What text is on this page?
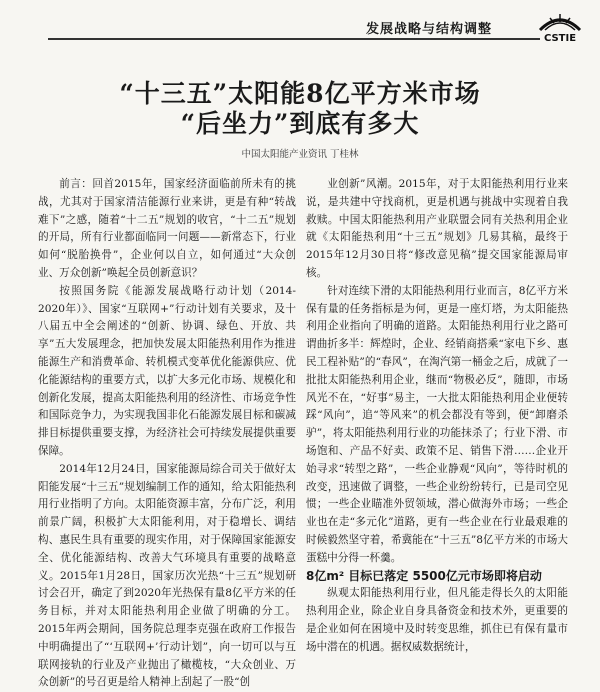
发展战略与结构调整
CSTIE
“十三五”太阳能8亿平方米市场
“后坐力”到底有多大
中国太阳能产业资讯 丁桂林

前言：回首2015年，国家经济面临前所未有的挑战，尤其对于国家清洁能源行业来讲，更是有种“转战难下”之感，随着“十二五”规划的收官，“十二五”规划的开局，所有行业都面临同一问题——新常态下，行业如何“脱胎换骨”，企业何以自立，如何通过“大众创业、万众创新”唤起全员创新意识？

按照国务院《能源发展战略行动计划（2014-2020年）》、国家“互联网+”行动计划有关要求，及十八届五中全会阐述的“创新、协调、绿色、开放、共享”五大发展理念，把加快发展太阳能热利用作为推进能源生产和消费革命、转机模式变革优化能源供应、优化能源结构的重要方式，以扩大多元化市场、规模化和创新化发展，提高太阳能热利用的经济性、市场竞争性和国际竞争力，为实现我国非化石能源发展目标和碳减排目标提供重要支撑，为经济社会可持续发展提供重要保障。

2014年12月24日，国家能源局综合司关于做好太阳能发展“十三五”规划编制工作的通知，给太阳能热利用行业指明了方向。太阳能资源丰富，分布广泛，利用前景广阔，积极扩大太阳能利用，对于稳增长、调结构、惠民生具有重要的现实作用，对于保障国家能源安全、优化能源结构、改善大气环境具有重要的战略意义。2015年1月28日，国家历次光热“十三五”规划研讨会召开，确定了到2020年光热保有量8亿平方米的任务目标，并对太阳能热利用企业做了明确的分工。2015年两会期间，国务院总理李克强在政府工作报告中明确提出了“‘互联网+’行动计划”，向一切可以与互联网接轨的行业及产业抛出了橄榄枝，“大众创业、万众创新”的号召更是给人精神上刮起了一股“创

业创新”风潮。2015年，对于太阳能热利用行业来说，是共建中守找商机，更是机遇与挑战中实现着自我救赎。中国太阳能热利用产业联盟会同有关热利用企业就《太阳能热利用“十三五”规划》几易其稿，最终于2015年12月30日将“修改意见稿”提交国家能源局审核。

针对连续下滑的太阳能热利用行业而言，8亿平方米保有量的任务指标是为何，更是一座灯塔，为太阳能热利用企业指向了明确的道路。太阳能热利用行业之路可谓曲折多半：辉煌时，企业、经销商搭乘“家电下乡、惠民工程补贴”的“春风”，在淘汽第一桶金之后，成就了一批批太阳能热利用企业，继而“物极必反”，随即，市场风光不在，“好事”易主，一大批太阳能热利用企业便转踩“风向”，追“等风来”的机会都没有等到，便“卸磨杀驴”，将太阳能热利用行业的功能抹杀了；行业下滑、市场饱和、产品不好卖、政策不足、销售下滑……企业开始寻求“转型之路”，一些企业静观“风向”，等待时机的改变，迅速做了调整，一些企业纷纷转行，已是司空见惯；一些企业瞄准外贸领域，潜心做海外市场；一些企业也在走“多元化”道路，更有一些企业在行业最艰难的时候毅然坚守着，希冀能在“十三五”8亿平方米的市场大蛋糕中分得一杯羹。

8亿m² 目标已落定 5500亿元市场即将启动

纵观太阳能热利用行业，但凡能走得长久的太阳能热利用企业，除企业自身具备资金和技术外，更重要的是企业如何在困境中及时转变思维，抓住已有保有量市场中潜在的机遇。据权威数据统计，
